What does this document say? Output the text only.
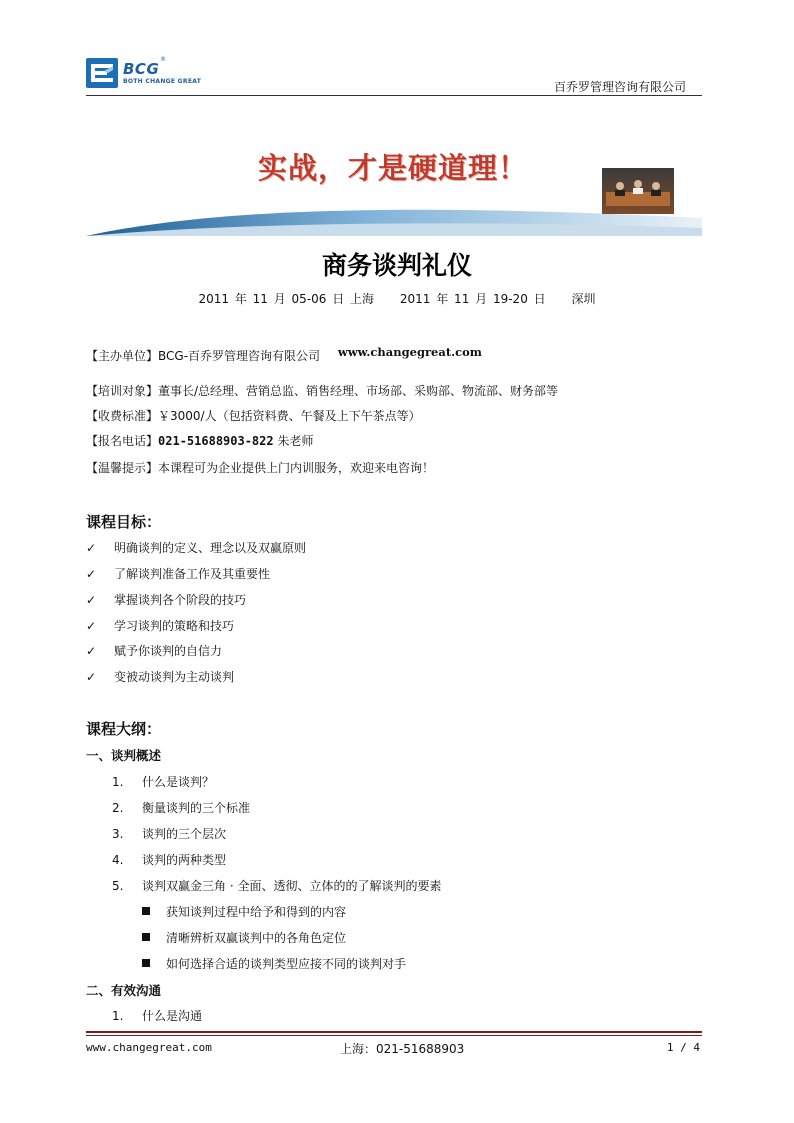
BCG
®
BOTH CHANGE GREAT	百乔罗管理咨询有限公司
实战，才是硬道理！
商务谈判礼仪
2011 年 11 月 05-06 日 上海 2011 年 11 月 19-20 日 深圳
【主办单位】BCG-百乔罗管理咨询有限公司 www.changegreat.com
【培训对象】董事长/总经理、营销总监、销售经理、市场部、采购部、物流部、财务部等
【收费标准】￥3000/人（包括资料费、午餐及上下午茶点等）
【报名电话】021-51688903-822 朱老师
【温馨提示】本课程可为企业提供上门内训服务，欢迎来电咨询！
课程目标：
✓ 明确谈判的定义、理念以及双赢原则
✓ 了解谈判准备工作及其重要性
✓ 掌握谈判各个阶段的技巧
✓ 学习谈判的策略和技巧
✓ 赋予你谈判的自信力
✓ 变被动谈判为主动谈判
课程大纲：
一、谈判概述
1. 什么是谈判？
2. 衡量谈判的三个标准
3. 谈判的三个层次
4. 谈判的两种类型
5. 谈判双赢金三角 · 全面、透彻、立体的的了解谈判的要素
获知谈判过程中给予和得到的内容
清晰辨析双赢谈判中的各角色定位
如何选择合适的谈判类型应接不同的谈判对手
二、有效沟通
1. 什么是沟通
www.changegreat.com	上海：021-51688903	1 / 4
